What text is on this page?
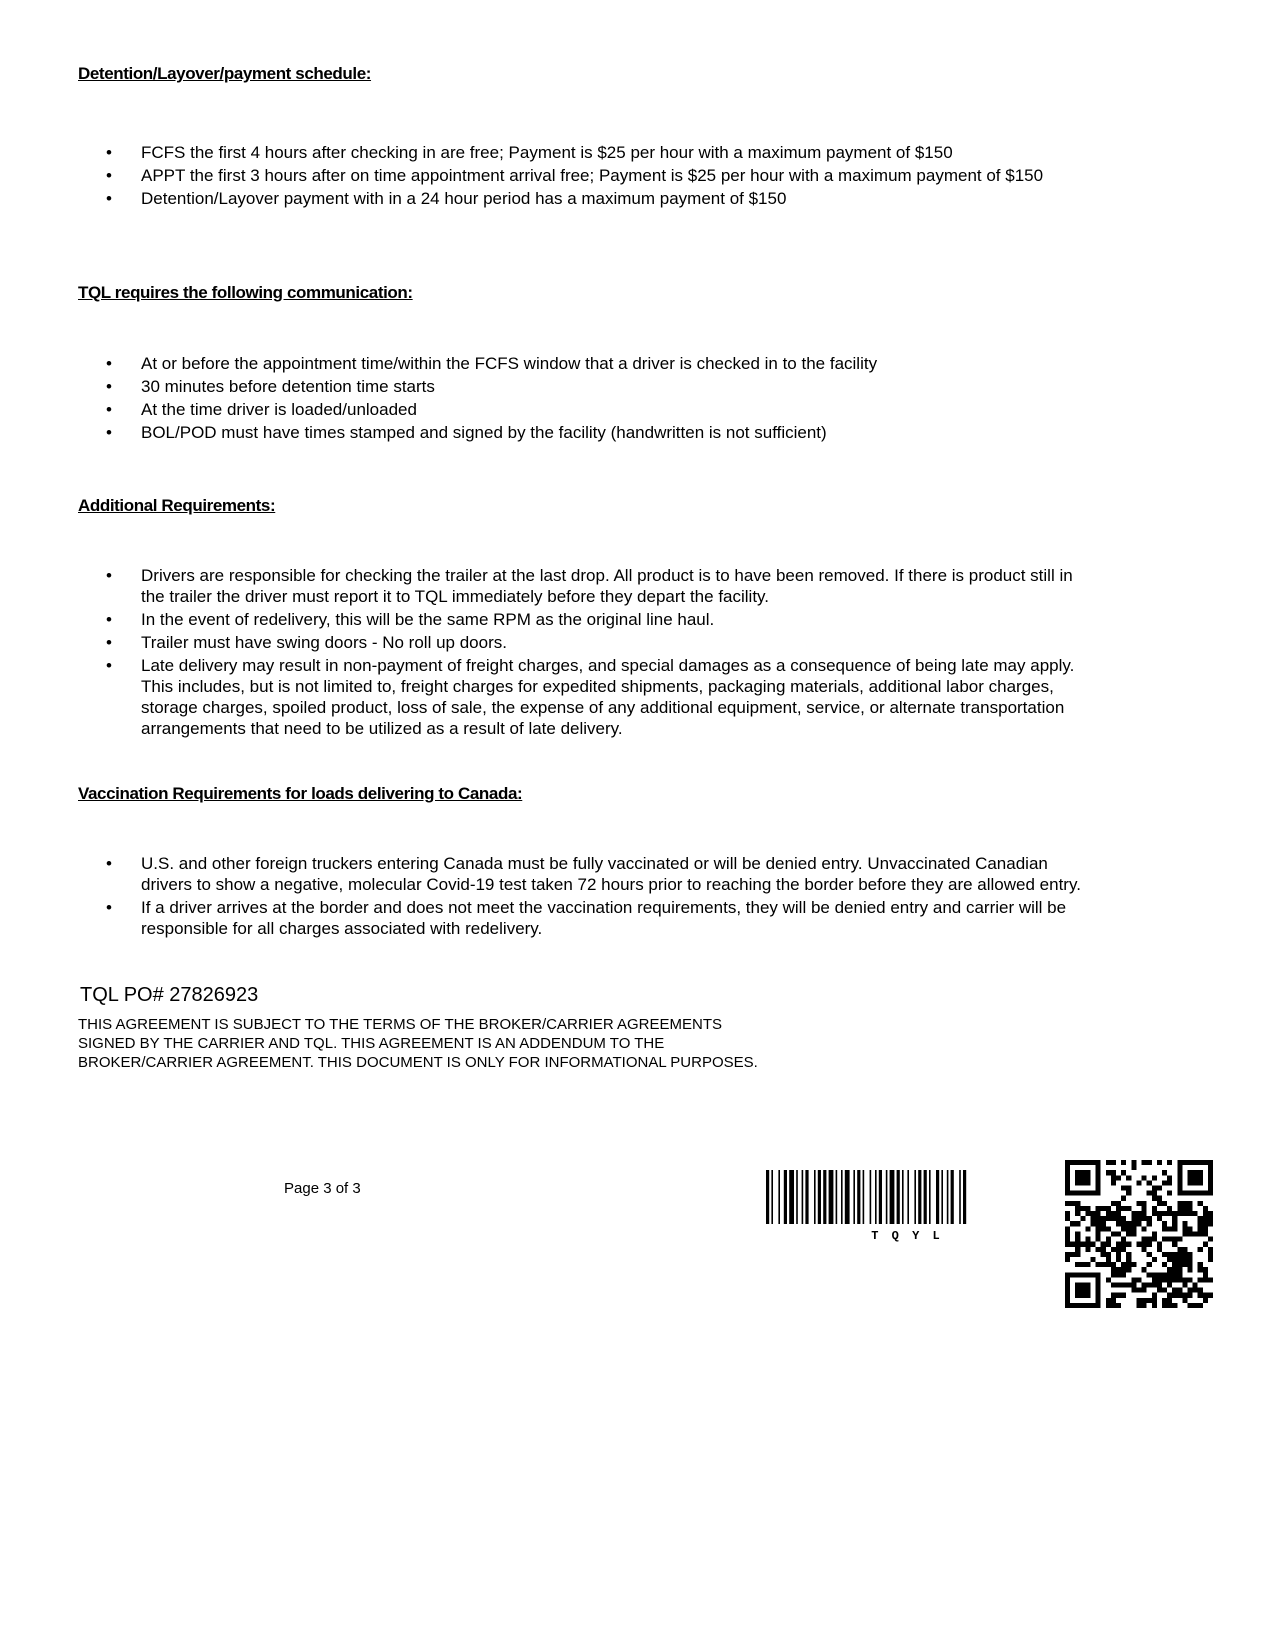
Detention/Layover/payment schedule:
• FCFS the first 4 hours after checking in are free; Payment is $25 per hour with a maximum payment of $150
• APPT the first 3 hours after on time appointment arrival free; Payment is $25 per hour with a maximum payment of $150
• Detention/Layover payment with in a 24 hour period has a maximum payment of $150
TQL requires the following communication:
• At or before the appointment time/within the FCFS window that a driver is checked in to the facility
• 30 minutes before detention time starts
• At the time driver is loaded/unloaded
• BOL/POD must have times stamped and signed by the facility (handwritten is not sufficient)
Additional Requirements:
• Drivers are responsible for checking the trailer at the last drop. All product is to have been removed. If there is product still in the trailer the driver must report it to TQL immediately before they depart the facility.
• In the event of redelivery, this will be the same RPM as the original line haul.
• Trailer must have swing doors - No roll up doors.
• Late delivery may result in non-payment of freight charges, and special damages as a consequence of being late may apply. This includes, but is not limited to, freight charges for expedited shipments, packaging materials, additional labor charges, storage charges, spoiled product, loss of sale, the expense of any additional equipment, service, or alternate transportation arrangements that need to be utilized as a result of late delivery.
Vaccination Requirements for loads delivering to Canada:
• U.S. and other foreign truckers entering Canada must be fully vaccinated or will be denied entry. Unvaccinated Canadian drivers to show a negative, molecular Covid-19 test taken 72 hours prior to reaching the border before they are allowed entry.
• If a driver arrives at the border and does not meet the vaccination requirements, they will be denied entry and carrier will be responsible for all charges associated with redelivery.

TQL PO# 27826923

THIS AGREEMENT IS SUBJECT TO THE TERMS OF THE BROKER/CARRIER AGREEMENTS SIGNED BY THE CARRIER AND TQL. THIS AGREEMENT IS AN ADDENDUM TO THE BROKER/CARRIER AGREEMENT. THIS DOCUMENT IS ONLY FOR INFORMATIONAL PURPOSES.

Page 3 of 3

T Q Y L
